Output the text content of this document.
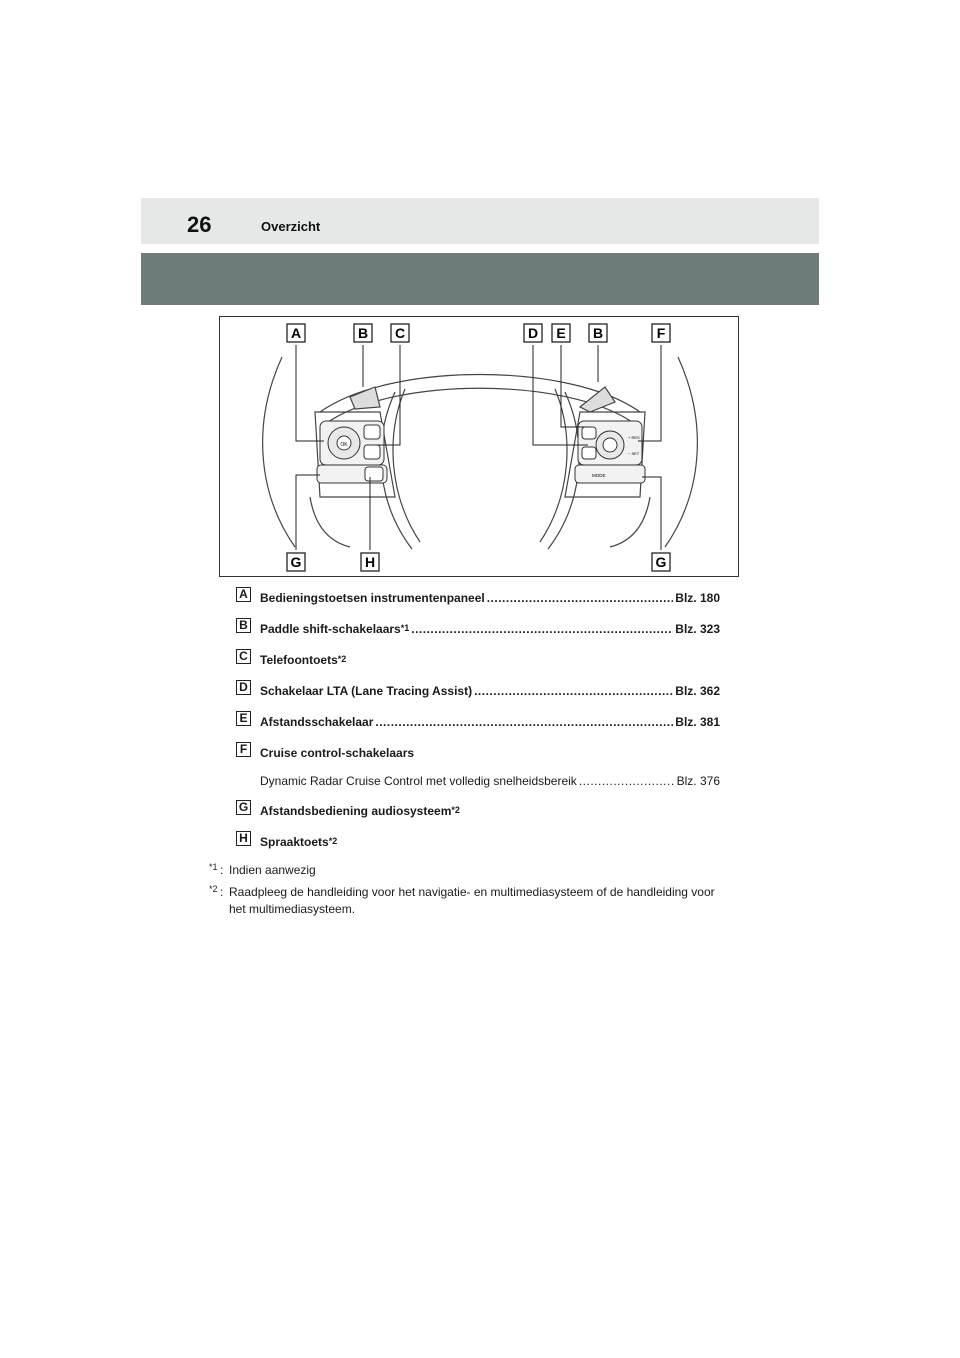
26	Overzicht
OK
+ RES
− SET
MODE
A	B C	D E B	F
G	H	G
A Bedieningstoetsen instrumentenpaneel .....	Blz. 180
B Paddle shift-schakelaars$^{*1}$ .....	Blz. 323
C Telefoontoets$^{*2}$
D Schakelaar LTA (Lane Tracing Assist) .....	Blz. 362
E Afstandsschakelaar .....	Blz. 381
F	Cruise control-schakelaars
Dynamic Radar Cruise Control met volledig snelheidsbereik .....	Blz. 376
G Afstandsbediening audiosysteem$^{*2}$
H Spraaktoets$^{*2}$
*1 : Indien aanwezig
*2 : Raadpleeg de handleiding voor het navigatie- en multimediasysteem of de handleiding voor het multimediasysteem.
